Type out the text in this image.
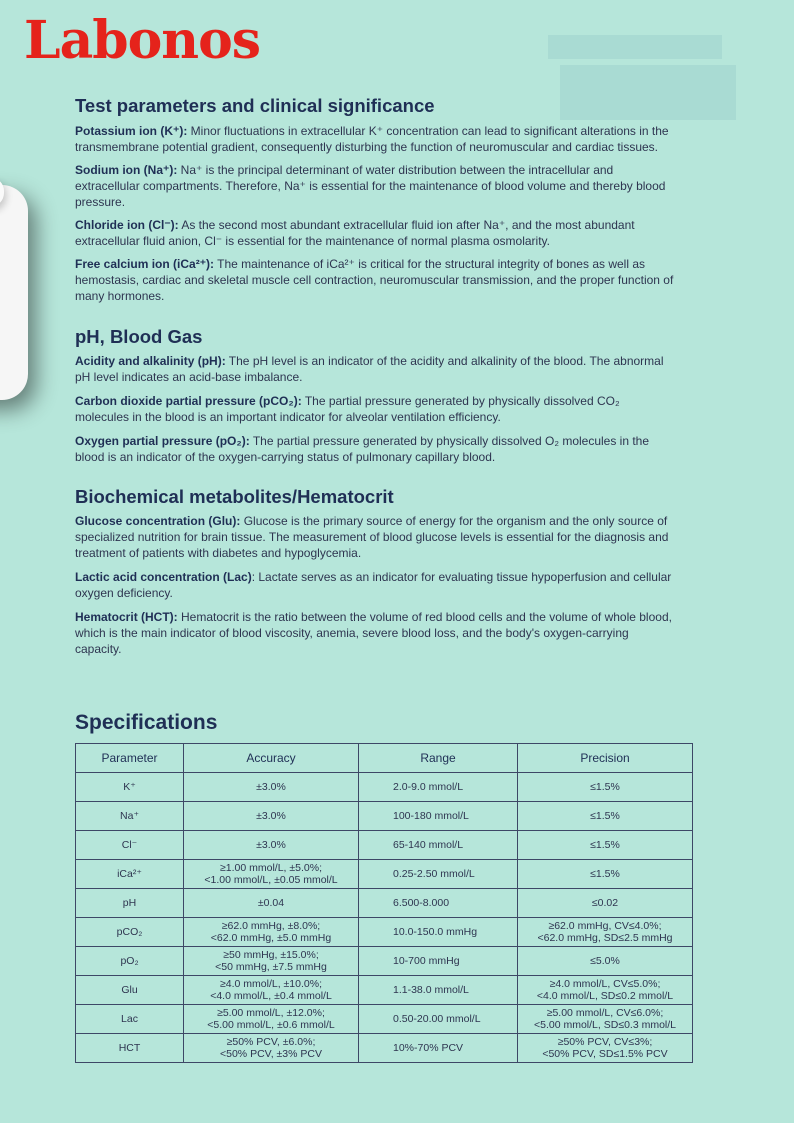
Labonos
Test parameters and clinical significance

Potassium ion (K⁺): Minor fluctuations in extracellular K⁺ concentration can lead to significant alterations in the transmembrane potential gradient, consequently disturbing the function of neuromuscular and cardiac tissues.

Sodium ion (Na⁺): Na⁺ is the principal determinant of water distribution between the intracellular and extracellular compartments. Therefore, Na⁺ is essential for the maintenance of blood volume and thereby blood pressure.

Chloride ion (Cl⁻): As the second most abundant extracellular fluid ion after Na⁺, and the most abundant extracellular fluid anion, Cl⁻ is essential for the maintenance of normal plasma osmolarity.

Free calcium ion (iCa²⁺): The maintenance of iCa²⁺ is critical for the structural integrity of bones as well as hemostasis, cardiac and skeletal muscle cell contraction, neuromuscular transmission, and the proper function of many hormones.

pH, Blood Gas

Acidity and alkalinity (pH): The pH level is an indicator of the acidity and alkalinity of the blood. The abnormal pH level indicates an acid-base imbalance.

Carbon dioxide partial pressure (pCO₂): The partial pressure generated by physically dissolved CO₂ molecules in the blood is an important indicator for alveolar ventilation efficiency.

Oxygen partial pressure (pO₂): The partial pressure generated by physically dissolved O₂ molecules in the blood is an indicator of the oxygen-carrying status of pulmonary capillary blood.

Biochemical metabolites/Hematocrit

Glucose concentration (Glu): Glucose is the primary source of energy for the organism and the only source of specialized nutrition for brain tissue. The measurement of blood glucose levels is essential for the diagnosis and treatment of patients with diabetes and hypoglycemia.

Lactic acid concentration (Lac): Lactate serves as an indicator for evaluating tissue hypoperfusion and cellular oxygen deficiency.

Hematocrit (HCT): Hematocrit is the ratio between the volume of red blood cells and the volume of whole blood, which is the main indicator of blood viscosity, anemia, severe blood loss, and the body's oxygen-carrying capacity.

Specifications
Parameter	Accuracy	Range	Precision
K⁺	±3.0%	2.0-9.0 mmol/L	≤1.5%

Na⁺	±3.0%	100-180 mmol/L	≤1.5%

Cl⁻	±3.0%	65-140 mmol/L	≤1.5%

iCa²⁺	≥1.00 mmol/L, ±5.0%;
<1.00 mmol/L, ±0.05 mmol/L	0.25-2.50 mmol/L	≤1.5%

pH	±0.04	6.500-8.000	≤0.02

pCO₂	≥62.0 mmHg, ±8.0%;
<62.0 mmHg, ±5.0 mmHg	10.0-150.0 mmHg	≥62.0 mmHg, CV≤4.0%;
<62.0 mmHg, SD≤2.5 mmHg

pO₂	≥50 mmHg, ±15.0%;
<50 mmHg, ±7.5 mmHg	10-700 mmHg	≤5.0%

Glu	≥4.0 mmol/L, ±10.0%;
<4.0 mmol/L, ±0.4 mmol/L	1.1-38.0 mmol/L	≥4.0 mmol/L, CV≤5.0%;
<4.0 mmol/L, SD≤0.2 mmol/L

Lac	≥5.00 mmol/L, ±12.0%;
<5.00 mmol/L, ±0.6 mmol/L	0.50-20.00 mmol/L	≥5.00 mmol/L, CV≤6.0%;
<5.00 mmol/L, SD≤0.3 mmol/L

HCT	≥50% PCV, ±6.0%;
<50% PCV, ±3% PCV	10%-70% PCV	≥50% PCV, CV≤3%;
<50% PCV, SD≤1.5% PCV
